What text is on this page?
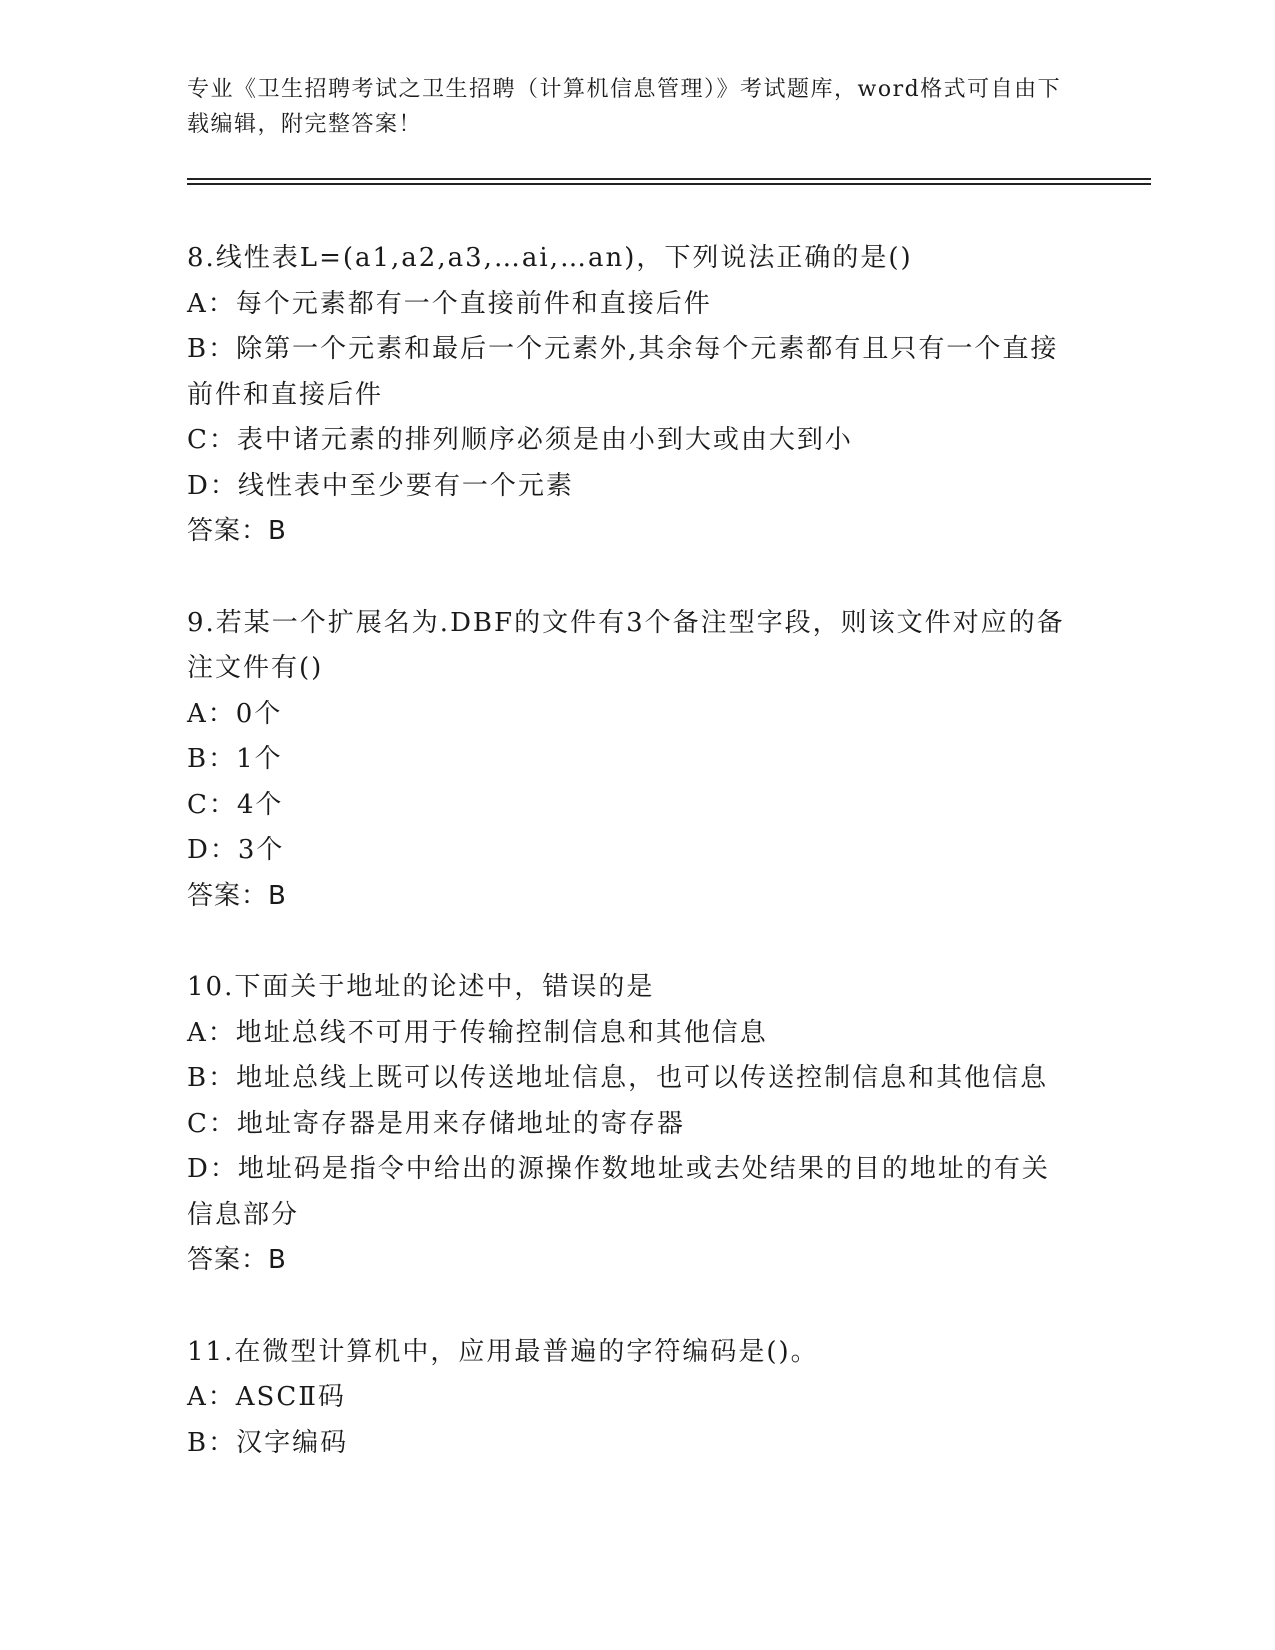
专业《卫生招聘考试之卫生招聘（计算机信息管理）》考试题库，word格式可自由下载编辑，附完整答案！
8.线性表L=(a1,a2,a3,…ai,…an)，下列说法正确的是()
A：每个元素都有一个直接前件和直接后件
B：除第一个元素和最后一个元素外,其余每个元素都有且只有一个直接前件和直接后件
C：表中诸元素的排列顺序必须是由小到大或由大到小
D：线性表中至少要有一个元素
答案：B
9.若某一个扩展名为.DBF的文件有3个备注型字段，则该文件对应的备注文件有()
A：0个
B：1个
C：4个
D：3个
答案：B
10.下面关于地址的论述中，错误的是
A：地址总线不可用于传输控制信息和其他信息
B：地址总线上既可以传送地址信息，也可以传送控制信息和其他信息
C：地址寄存器是用来存储地址的寄存器
D：地址码是指令中给出的源操作数地址或去处结果的目的地址的有关信息部分
答案：B
11.在微型计算机中，应用最普遍的字符编码是()。
A：ASCⅡ码
B：汉字编码
